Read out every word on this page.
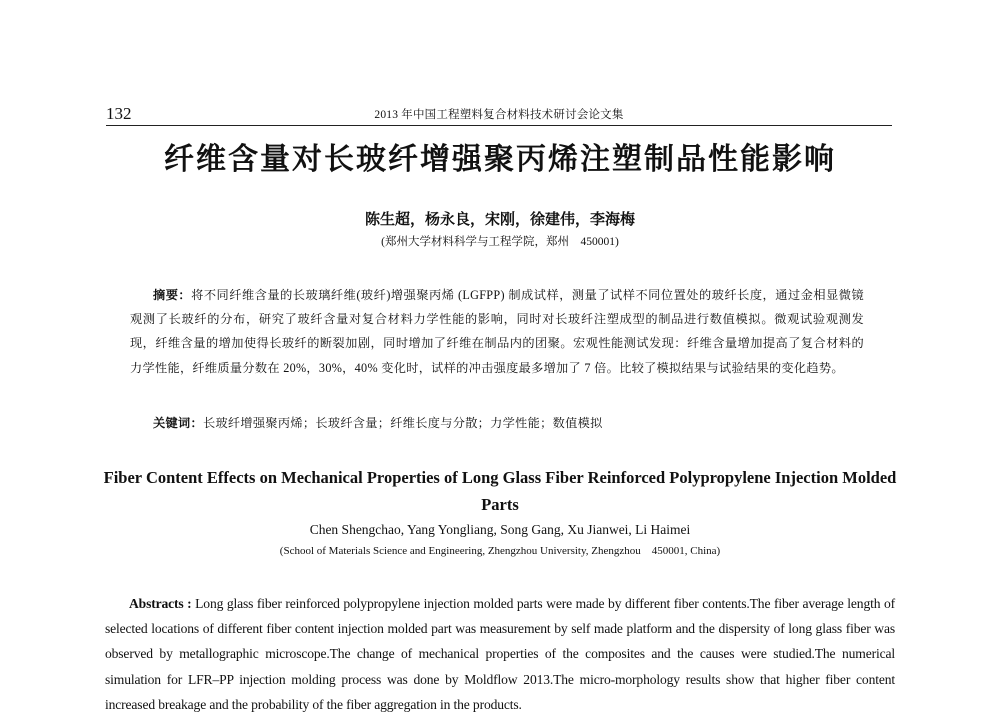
132	2013 年中国工程塑料复合材料技术研讨会论文集
纤维含量对长玻纤增强聚丙烯注塑制品性能影响
陈生超，杨永良，宋刚，徐建伟，李海梅
(郑州大学材料科学与工程学院，郑州　450001)
摘要：将不同纤维含量的长玻璃纤维(玻纤)增强聚丙烯 (LGFPP) 制成试样，测量了试样不同位置处的玻纤长度，通过金相显微镜观测了长玻纤的分布，研究了玻纤含量对复合材料力学性能的影响，同时对长玻纤注塑成型的制品进行数值模拟。微观试验观测发现，纤维含量的增加使得长玻纤的断裂加剧，同时增加了纤维在制品内的团聚。宏观性能测试发现：纤维含量增加提高了复合材料的力学性能，纤维质量分数在 20%，30%，40% 变化时，试样的冲击强度最多增加了 7 倍。比较了模拟结果与试验结果的变化趋势。
关键词：长玻纤增强聚丙烯；长玻纤含量；纤维长度与分散；力学性能；数值模拟
Fiber Content Effects on Mechanical Properties of Long Glass Fiber Reinforced Polypropylene Injection Molded Parts
Chen Shengchao, Yang Yongliang, Song Gang, Xu Jianwei, Li Haimei
(School of Materials Science and Engineering, Zhengzhou University, Zhengzhou　450001, China)
Abstracts : Long glass fiber reinforced polypropylene injection molded parts were made by different fiber contents.The fiber average length of selected locations of different fiber content injection molded part was measurement by self made platform and the dispersity of long glass fiber was observed by metallographic microscope.The change of mechanical properties of the composites and the causes were studied.The numerical simulation for LFR–PP injection molding process was done by Moldflow 2013.The micro-morphology results show that higher fiber content increased breakage and the probability of the fiber aggregation in the products.
